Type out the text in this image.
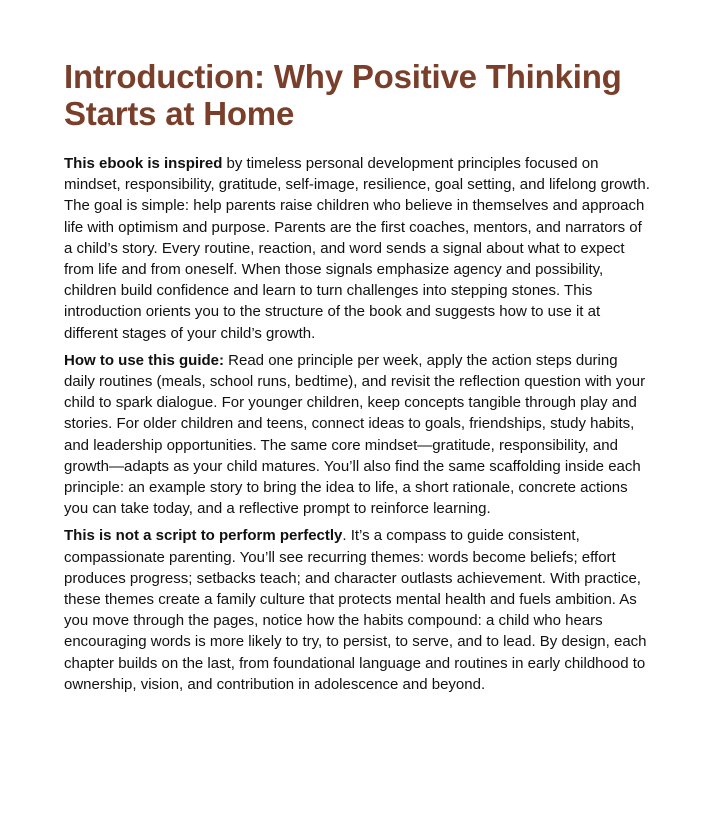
Introduction: Why Positive Thinking Starts at Home

This ebook is inspired by timeless personal development principles focused on mindset, responsibility, gratitude, self-image, resilience, goal setting, and lifelong growth. The goal is simple: help parents raise children who believe in themselves and approach life with optimism and purpose. Parents are the first coaches, mentors, and narrators of a child’s story. Every routine, reaction, and word sends a signal about what to expect from life and from oneself. When those signals emphasize agency and possibility, children build confidence and learn to turn challenges into stepping stones. This introduction orients you to the structure of the book and suggests how to use it at different stages of your child’s growth.

How to use this guide: Read one principle per week, apply the action steps during daily routines (meals, school runs, bedtime), and revisit the reflection question with your child to spark dialogue. For younger children, keep concepts tangible through play and stories. For older children and teens, connect ideas to goals, friendships, study habits, and leadership opportunities. The same core mindset—gratitude, responsibility, and growth—adapts as your child matures. You’ll also find the same scaffolding inside each principle: an example story to bring the idea to life, a short rationale, concrete actions you can take today, and a reflective prompt to reinforce learning.

This is not a script to perform perfectly. It’s a compass to guide consistent, compassionate parenting. You’ll see recurring themes: words become beliefs; effort produces progress; setbacks teach; and character outlasts achievement. With practice, these themes create a family culture that protects mental health and fuels ambition. As you move through the pages, notice how the habits compound: a child who hears encouraging words is more likely to try, to persist, to serve, and to lead. By design, each chapter builds on the last, from foundational language and routines in early childhood to ownership, vision, and contribution in adolescence and beyond.
